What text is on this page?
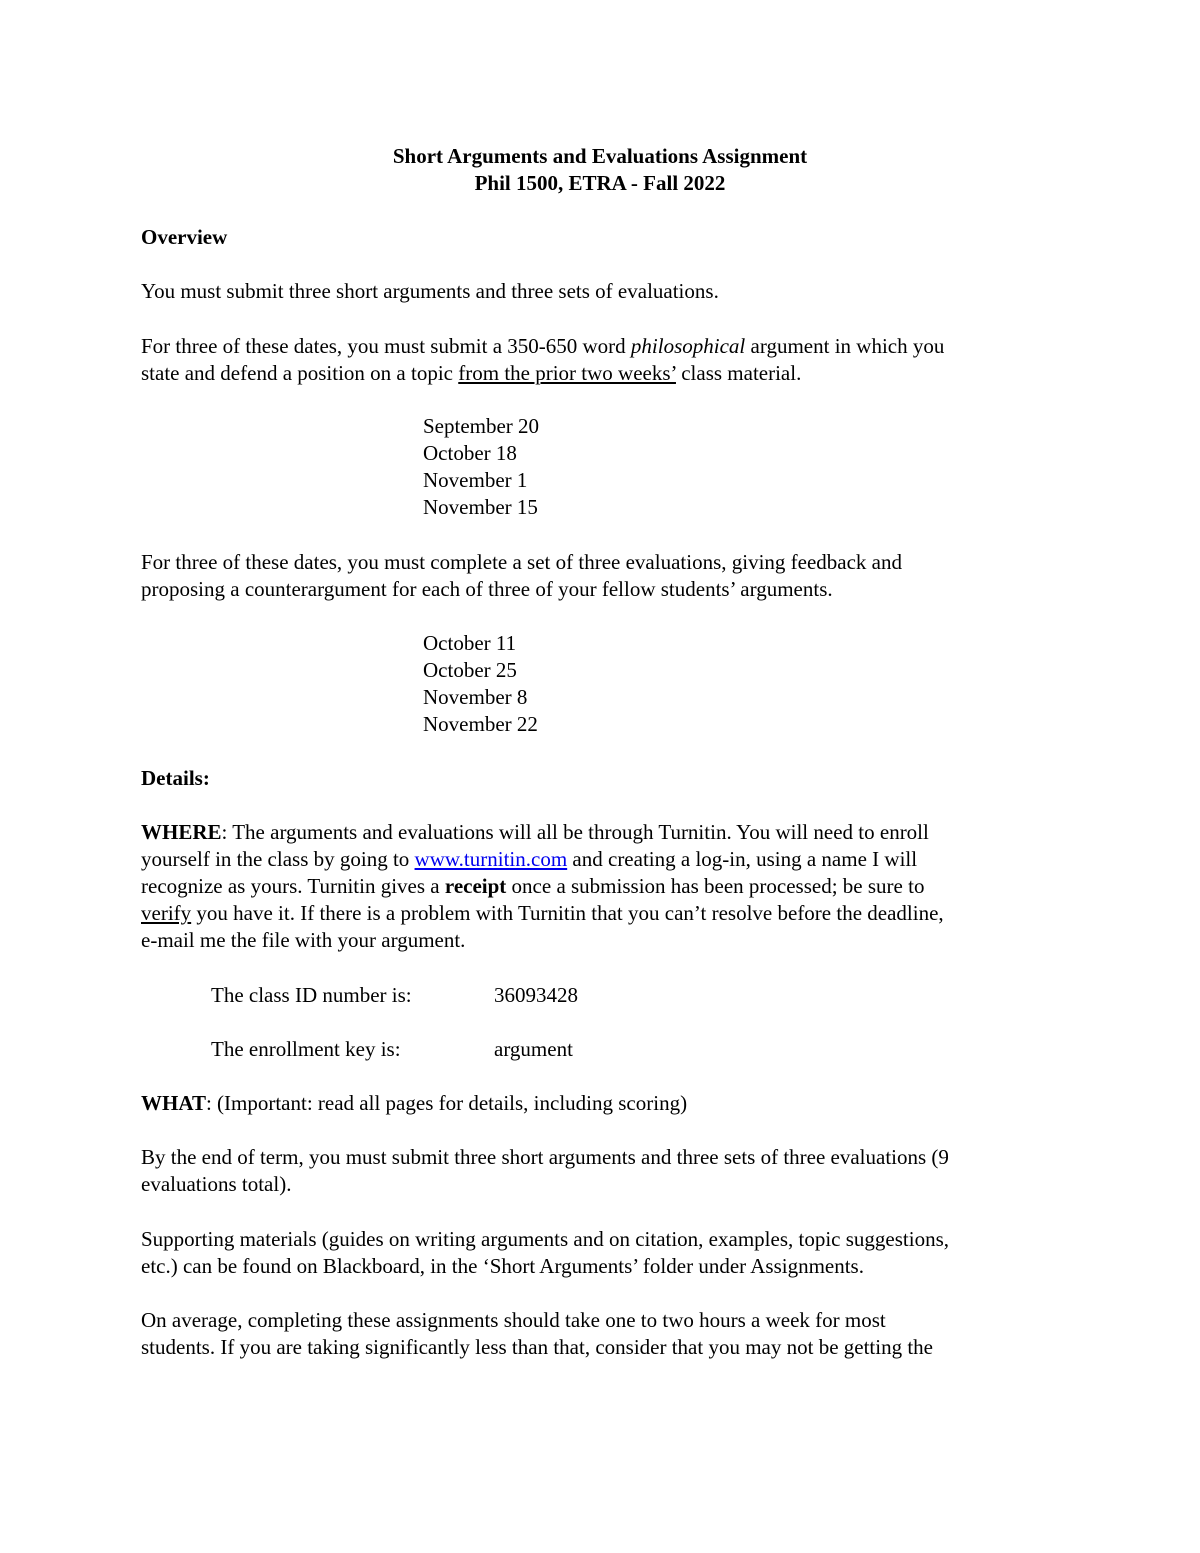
Short Arguments and Evaluations Assignment
Phil 1500, ETRA - Fall 2022
Overview
You must submit three short arguments and three sets of evaluations.
For three of these dates, you must submit a 350-650 word philosophical argument in which you
state and defend a position on a topic from the prior two weeks’ class material.
September 20
October 18
November 1
November 15
For three of these dates, you must complete a set of three evaluations, giving feedback and
proposing a counterargument for each of three of your fellow students’ arguments.
October 11
October 25
November 8
November 22
Details:
WHERE: The arguments and evaluations will all be through Turnitin. You will need to enroll
yourself in the class by going to www.turnitin.com and creating a log-in, using a name I will
recognize as yours. Turnitin gives a receipt once a submission has been processed; be sure to
verify you have it. If there is a problem with Turnitin that you can’t resolve before the deadline,
e-mail me the file with your argument.
The class ID number is:	36093428
The enrollment key is:	argument
WHAT: (Important: read all pages for details, including scoring)
By the end of term, you must submit three short arguments and three sets of three evaluations (9
evaluations total).
Supporting materials (guides on writing arguments and on citation, examples, topic suggestions,
etc.) can be found on Blackboard, in the ‘Short Arguments’ folder under Assignments.
On average, completing these assignments should take one to two hours a week for most
students. If you are taking significantly less than that, consider that you may not be getting the
